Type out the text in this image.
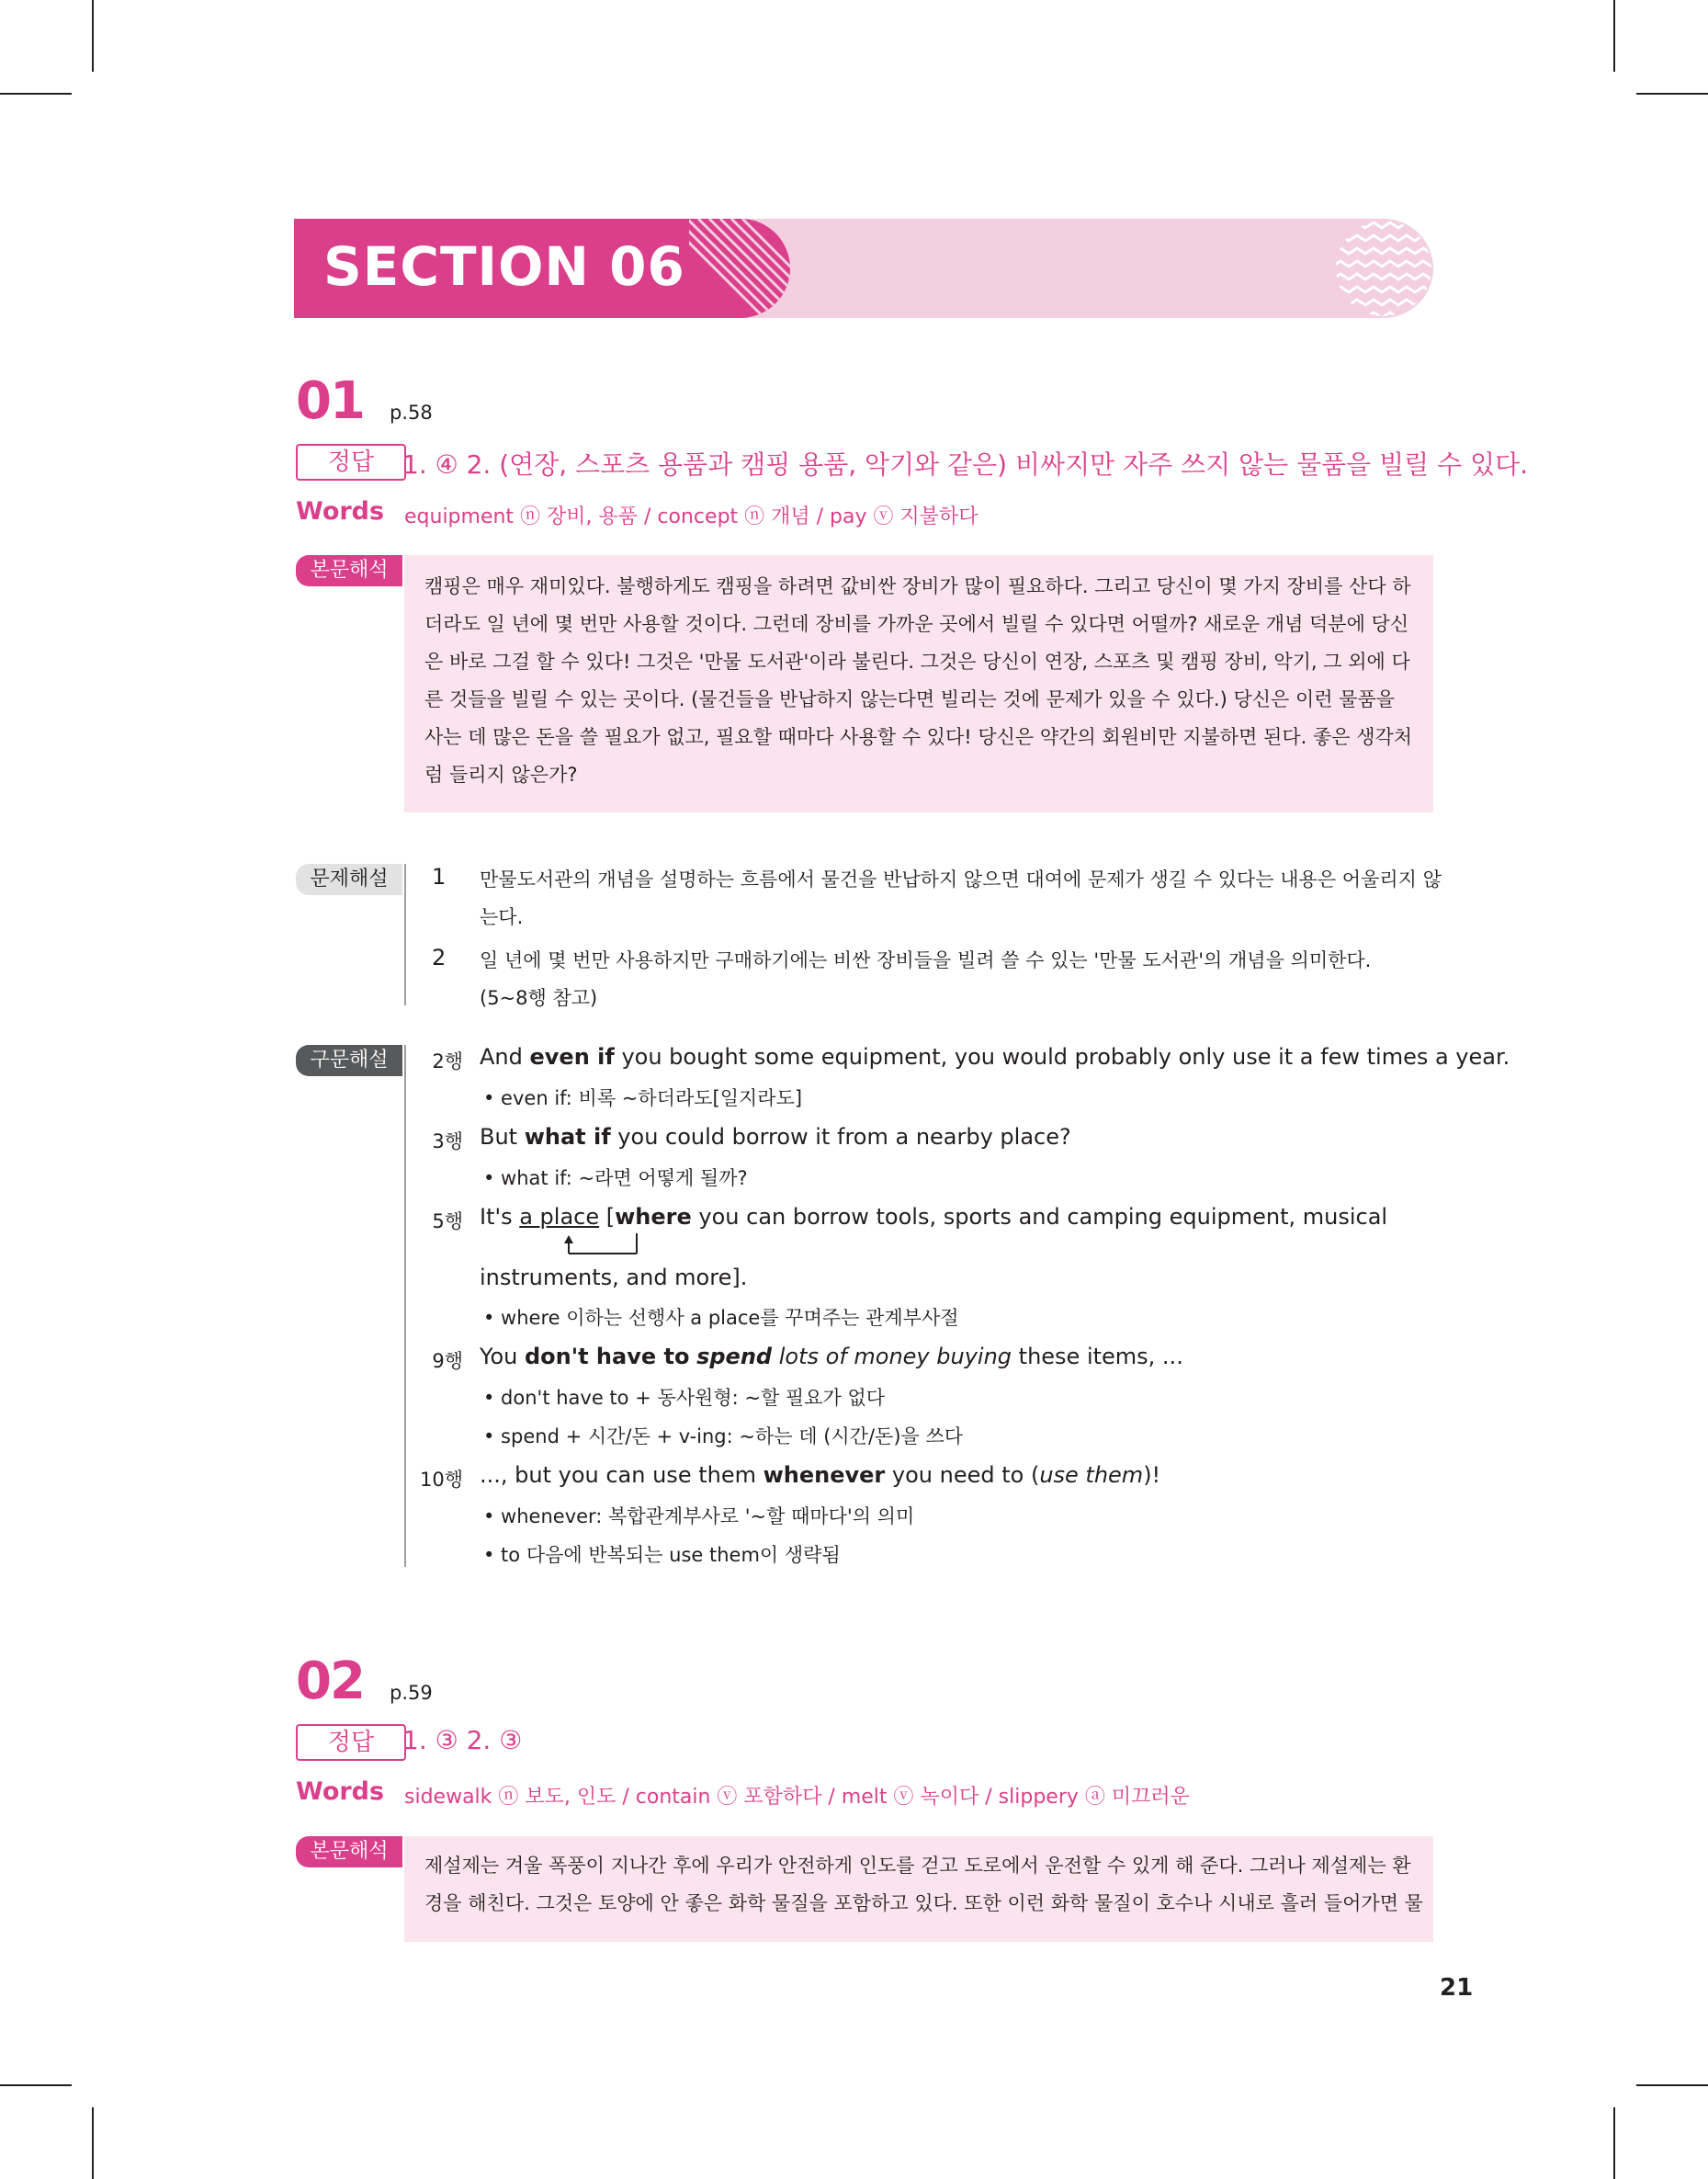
SECTION 06
01 p.58
정답	1. ④ 2. (연장, 스포츠 용품과 캠핑 용품, 악기와 같은) 비싸지만 자주 쓰지 않는 물품을 빌릴 수 있다.
Words equipment ⓝ 장비, 용품 / concept ⓝ 개념 / pay ⓥ 지불하다
본문해석
캠핑은 매우 재미있다. 불행하게도 캠핑을 하려면 값비싼 장비가 많이 필요하다. 그리고 당신이 몇 가지 장비를 산다 하
더라도 일 년에 몇 번만 사용할 것이다. 그런데 장비를 가까운 곳에서 빌릴 수 있다면 어떨까? 새로운 개념 덕분에 당신
은 바로 그걸 할 수 있다! 그것은 '만물 도서관'이라 불린다. 그것은 당신이 연장, 스포츠 및 캠핑 장비, 악기, 그 외에 다
른 것들을 빌릴 수 있는 곳이다. (물건들을 반납하지 않는다면 빌리는 것에 문제가 있을 수 있다.) 당신은 이런 물품을
사는 데 많은 돈을 쓸 필요가 없고, 필요할 때마다 사용할 수 있다! 당신은 약간의 회원비만 지불하면 된다. 좋은 생각처
럼 들리지 않은가?
문제해설	1 만물도서관의 개념을 설명하는 흐름에서 물건을 반납하지 않으면 대여에 문제가 생길 수 있다는 내용은 어울리지 않
는다.
2 일 년에 몇 번만 사용하지만 구매하기에는 비싼 장비들을 빌려 쓸 수 있는 '만물 도서관'의 개념을 의미한다.
(5~8행 참고)
구문해설	2행 And even if you bought some equipment, you would probably only use it a few times a year.
• even if: 비록 ~하더라도[일지라도]
3행 But what if you could borrow it from a nearby place?
• what if: ~라면 어떻게 될까?
5행 It's a place [where you can borrow tools, sports and camping equipment, musical
instruments, and more].
• where 이하는 선행사 a place를 꾸며주는 관계부사절
9행 You don't have to spend lots of money buying these items, ...
• don't have to + 동사원형: ~할 필요가 없다
• spend + 시간/돈 + v-ing: ~하는 데 (시간/돈)을 쓰다
10행 ..., but you can use them whenever you need to (use them)!
• whenever: 복합관계부사로 '~할 때마다'의 의미
• to 다음에 반복되는 use them이 생략됨
02 p.59
정답	1. ③ 2. ③
Words sidewalk ⓝ 보도, 인도 / contain ⓥ 포함하다 / melt ⓥ 녹이다 / slippery ⓐ 미끄러운
본문해석
제설제는 겨울 폭풍이 지나간 후에 우리가 안전하게 인도를 걷고 도로에서 운전할 수 있게 해 준다. 그러나 제설제는 환
경을 해친다. 그것은 토양에 안 좋은 화학 물질을 포함하고 있다. 또한 이런 화학 물질이 호수나 시내로 흘러 들어가면 물
21
